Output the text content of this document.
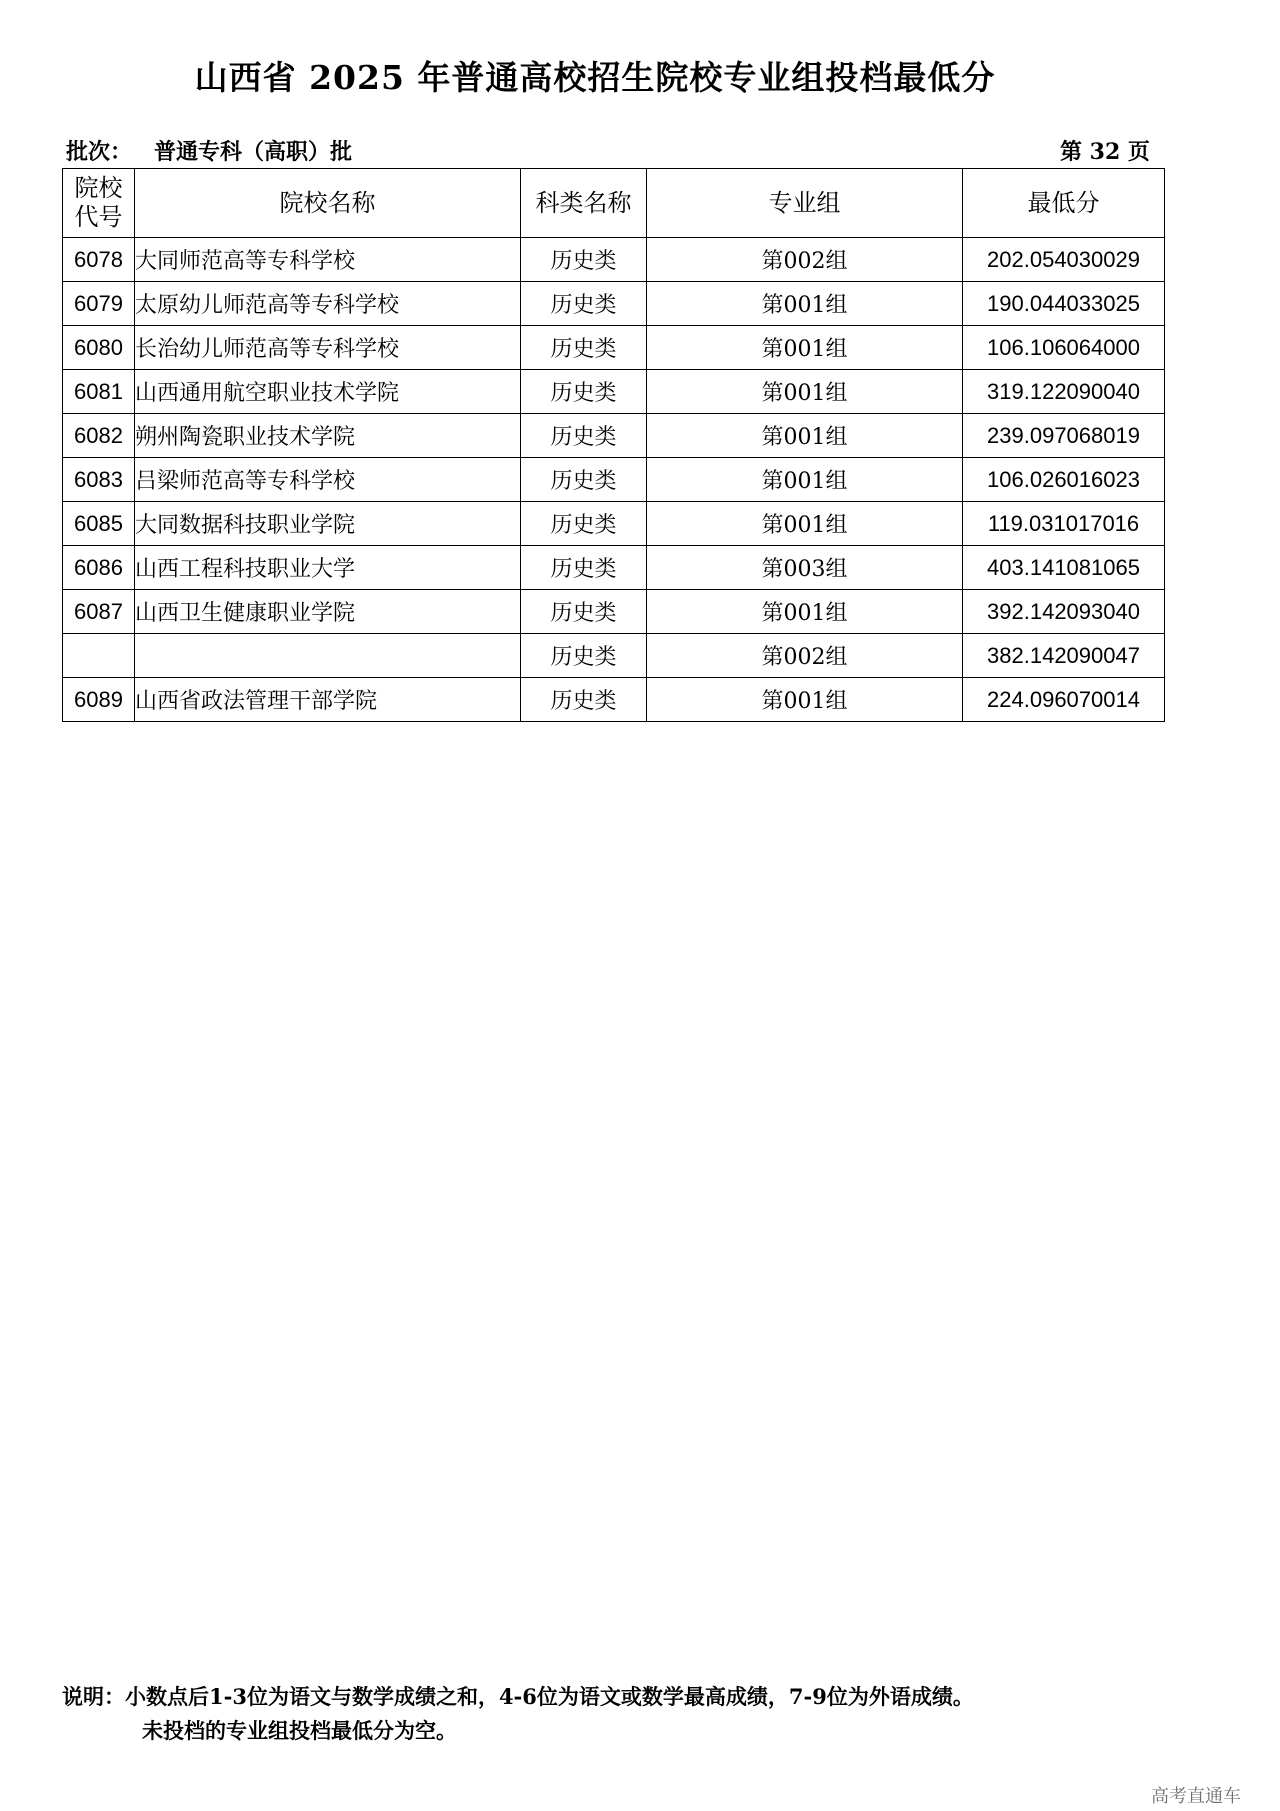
山西省 2025 年普通高校招生院校专业组投档最低分
批次： 普通专科（高职）批	第 32 页
院校代号	院校名称	科类名称	专业组	最低分
6078	大同师范高等专科学校	历史类	第002组	202.054030029
6079	太原幼儿师范高等专科学校	历史类	第001组	190.044033025
6080	长治幼儿师范高等专科学校	历史类	第001组	106.106064000
6081	山西通用航空职业技术学院	历史类	第001组	319.122090040
6082	朔州陶瓷职业技术学院	历史类	第001组	239.097068019
6083	吕梁师范高等专科学校	历史类	第001组	106.026016023
6085	大同数据科技职业学院	历史类	第001组	119.031017016
6086	山西工程科技职业大学	历史类	第003组	403.141081065
6087	山西卫生健康职业学院	历史类	第001组	392.142093040
		历史类	第002组	382.142090047
6089	山西省政法管理干部学院	历史类	第001组	224.096070014
说明：小数点后1-3位为语文与数学成绩之和，4-6位为语文或数学最高成绩，7-9位为外语成绩。
未投档的专业组投档最低分为空。
高考直通车
